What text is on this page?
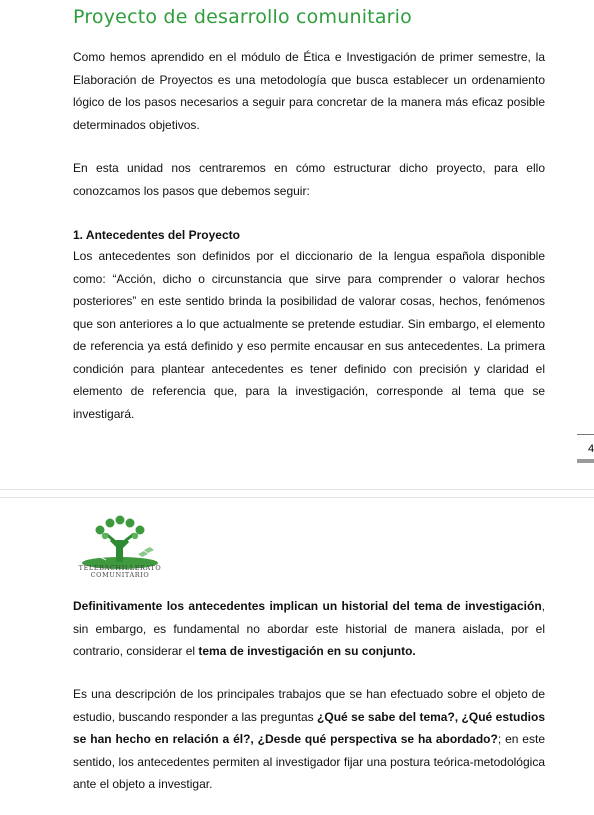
Proyecto de desarrollo comunitario

Como hemos aprendido en el módulo de Ética e Investigación de primer semestre, la Elaboración de Proyectos es una metodología que busca establecer un ordenamiento lógico de los pasos necesarios a seguir para concretar de la manera más eficaz posible determinados objetivos.

En esta unidad nos centraremos en cómo estructurar dicho proyecto, para ello conozcamos los pasos que debemos seguir:

1. Antecedentes del Proyecto

Los antecedentes son definidos por el diccionario de la lengua española disponible como: “Acción, dicho o circunstancia que sirve para comprender o valorar hechos posteriores” en este sentido brinda la posibilidad de valorar cosas, hechos, fenómenos que son anteriores a lo que actualmente se pretende estudiar. Sin embargo, el elemento de referencia ya está definido y eso permite encausar en sus antecedentes. La primera condición para plantear antecedentes es tener definido con precisión y claridad el elemento de referencia que, para la investigación, corresponde al tema que se investigará.

4
TELEBACHILLERATO
COMUNITARIO

Definitivamente los antecedentes implican un historial del tema de investigación, sin embargo, es fundamental no abordar este historial de manera aislada, por el contrario, considerar el tema de investigación en su conjunto.

Es una descripción de los principales trabajos que se han efectuado sobre el objeto de estudio, buscando responder a las preguntas ¿Qué se sabe del tema?, ¿Qué estudios se han hecho en relación a él?, ¿Desde qué perspectiva se ha abordado?; en este sentido, los antecedentes permiten al investigador fijar una postura teórica-metodológica ante el objeto a investigar.
